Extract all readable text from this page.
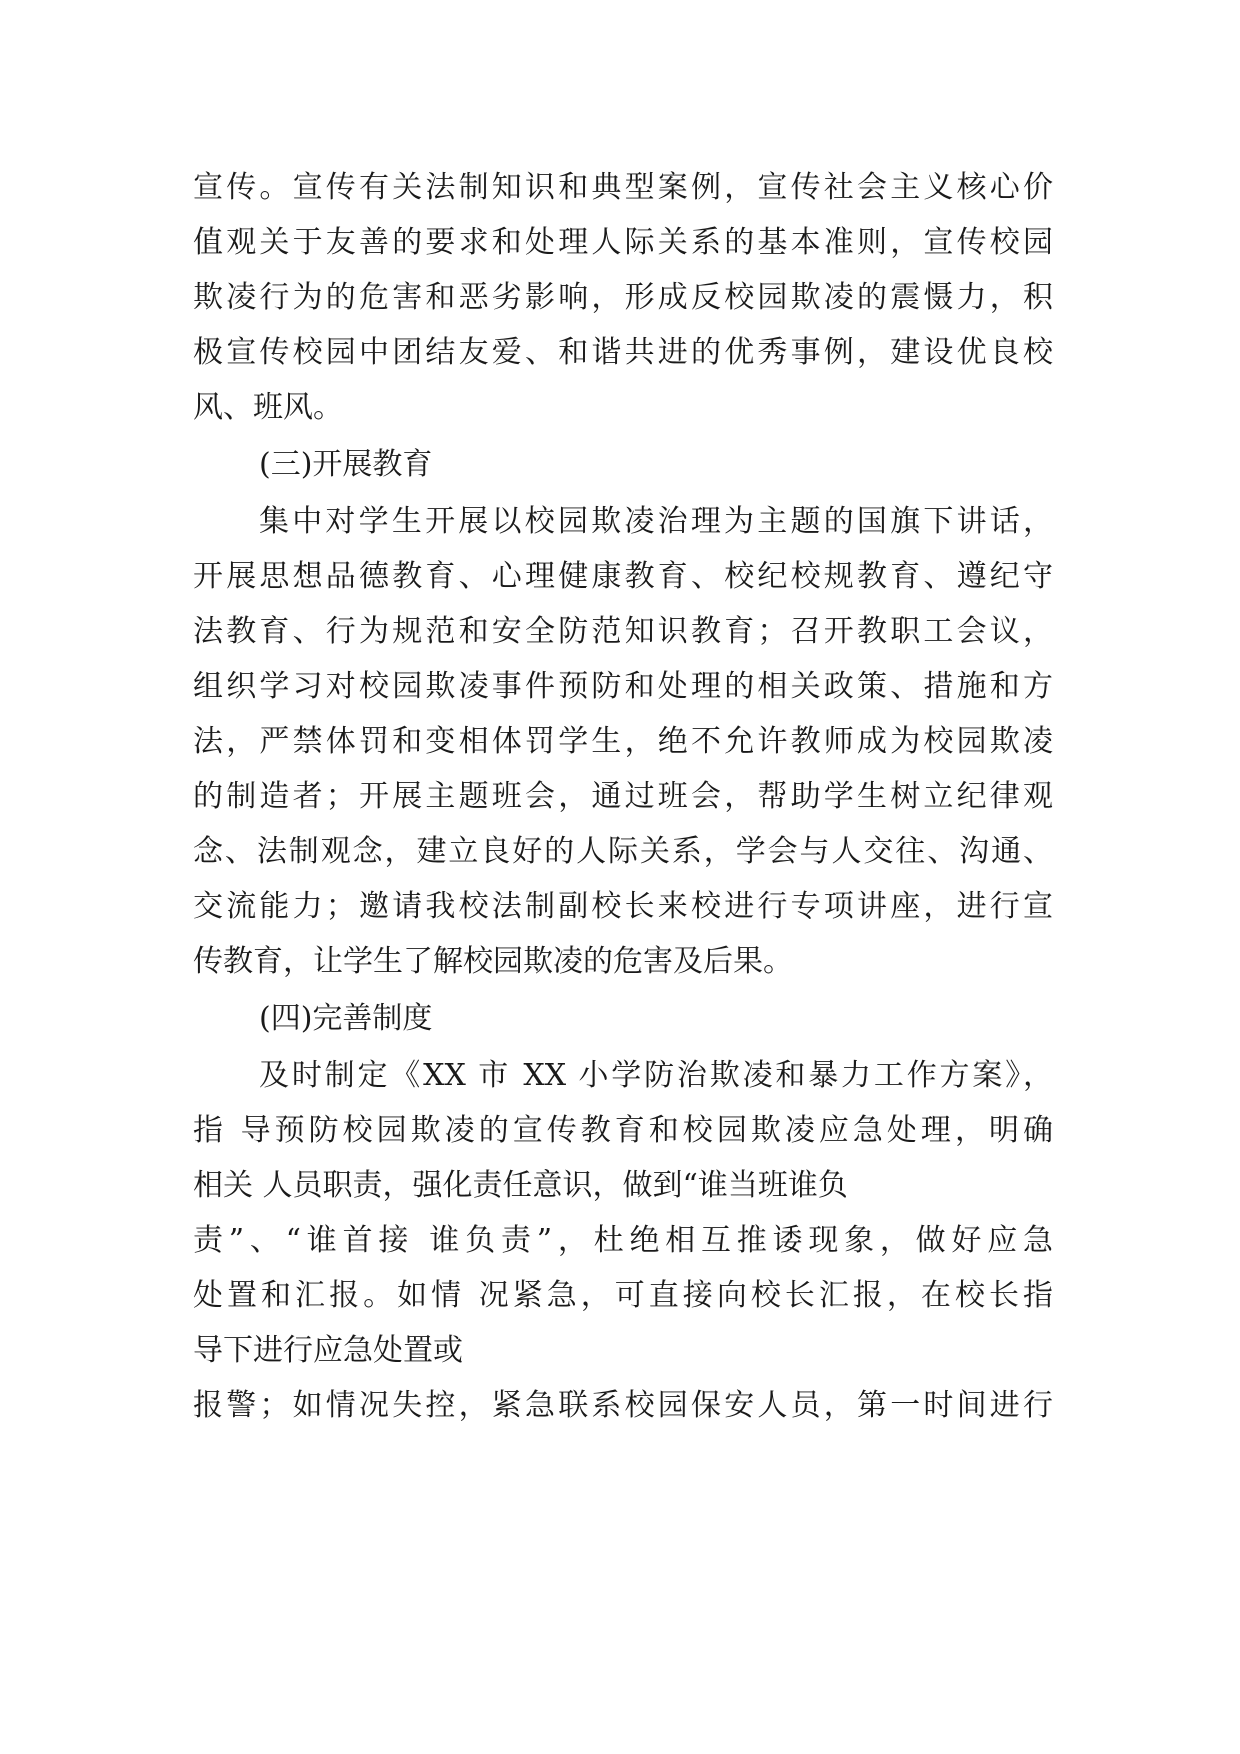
宣传。宣传有关法制知识和典型案例，宣传社会主义核心价
值观关于友善的要求和处理人际关系的基本准则，宣传校园
欺凌行为的危害和恶劣影响，形成反校园欺凌的震慑力，积
极宣传校园中团结友爱、和谐共进的优秀事例，建设优良校
风、班风。
(三)开展教育
集中对学生开展以校园欺凌治理为主题的国旗下讲话，
开展思想品德教育、心理健康教育、校纪校规教育、遵纪守
法教育、行为规范和安全防范知识教育；召开教职工会议，
组织学习对校园欺凌事件预防和处理的相关政策、措施和方
法，严禁体罚和变相体罚学生，绝不允许教师成为校园欺凌
的制造者；开展主题班会，通过班会，帮助学生树立纪律观
念、法制观念，建立良好的人际关系，学会与人交往、沟通、
交流能力；邀请我校法制副校长来校进行专项讲座，进行宣
传教育，让学生了解校园欺凌的危害及后果。
(四)完善制度
及时制定《XX 市 XX 小学防治欺凌和暴力工作方案》，
指 导预防校园欺凌的宣传教育和校园欺凌应急处理，明确
相关 人员职责，强化责任意识，做到“谁当班谁负
责”、“谁首接 谁负责”，杜绝相互推诿现象，做好应急
处置和汇报。如情 况紧急，可直接向校长汇报，在校长指
导下进行应急处置或
报警；如情况失控，紧急联系校园保安人员，第一时间进行
